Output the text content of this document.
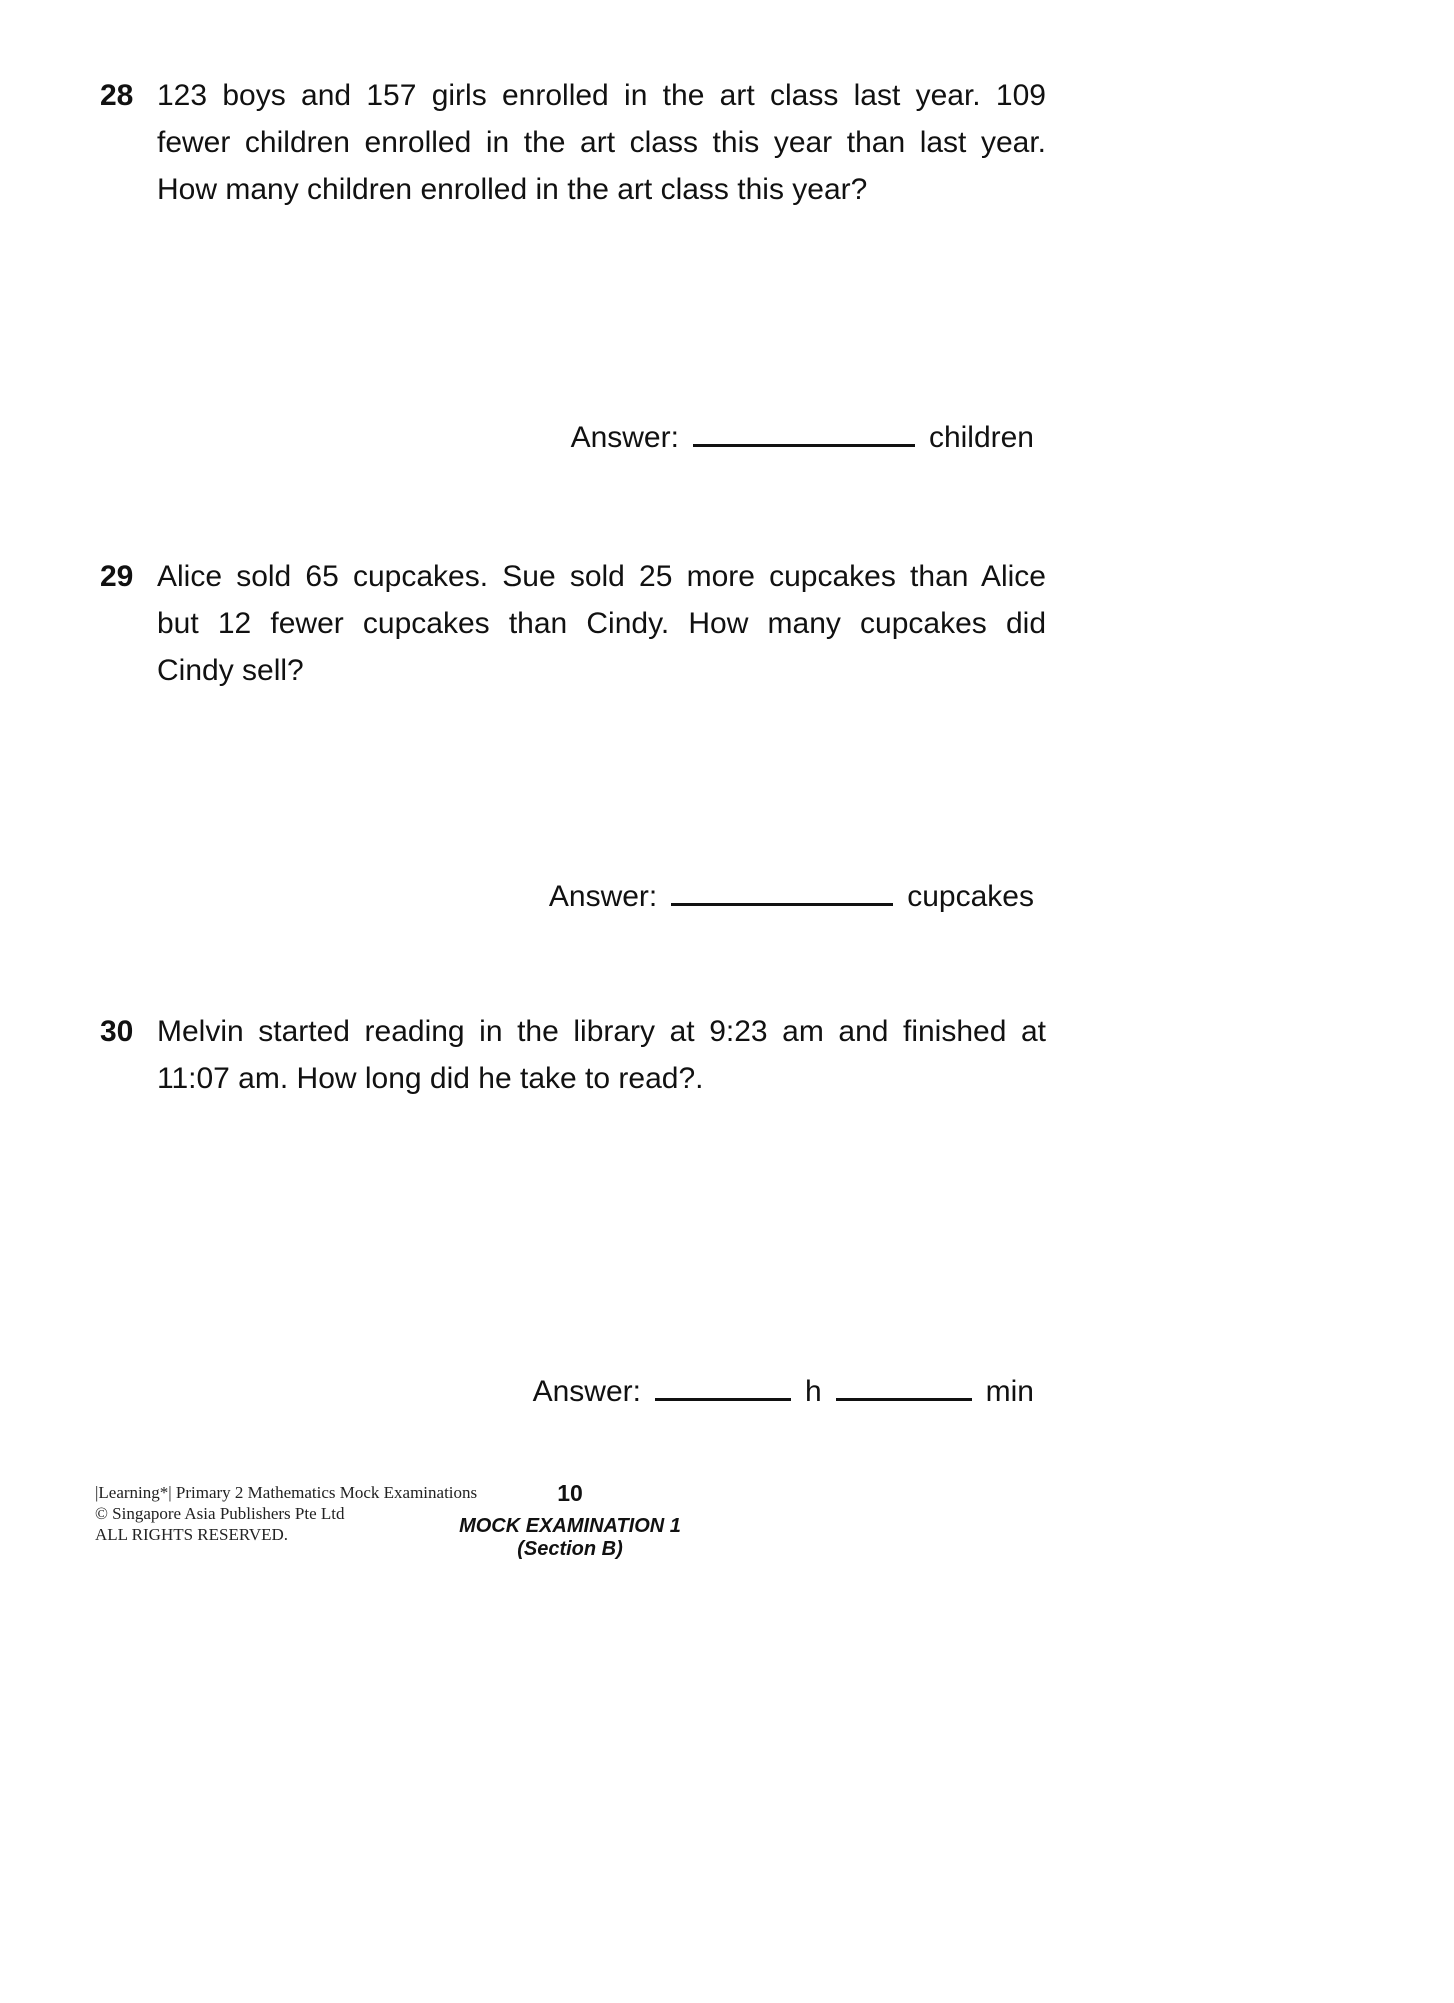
28 123 boys and 157 girls enrolled in the art class last year. 109
fewer children enrolled in the art class this year than last year.
How many children enrolled in the art class this year?
Answer:	children
29 Alice sold 65 cupcakes. Sue sold 25 more cupcakes than Alice
but 12 fewer cupcakes than Cindy. How many cupcakes did
Cindy sell?
Answer:	cupcakes
30 Melvin started reading in the library at 9:23 am and finished at
11:07 am. How long did he take to read?.
Answer:	h	min
|Learning*| Primary 2 Mathematics Mock Examinations
© Singapore Asia Publishers Pte Ltd
ALL RIGHTS RESERVED.
10
MOCK EXAMINATION 1 (Section B)
